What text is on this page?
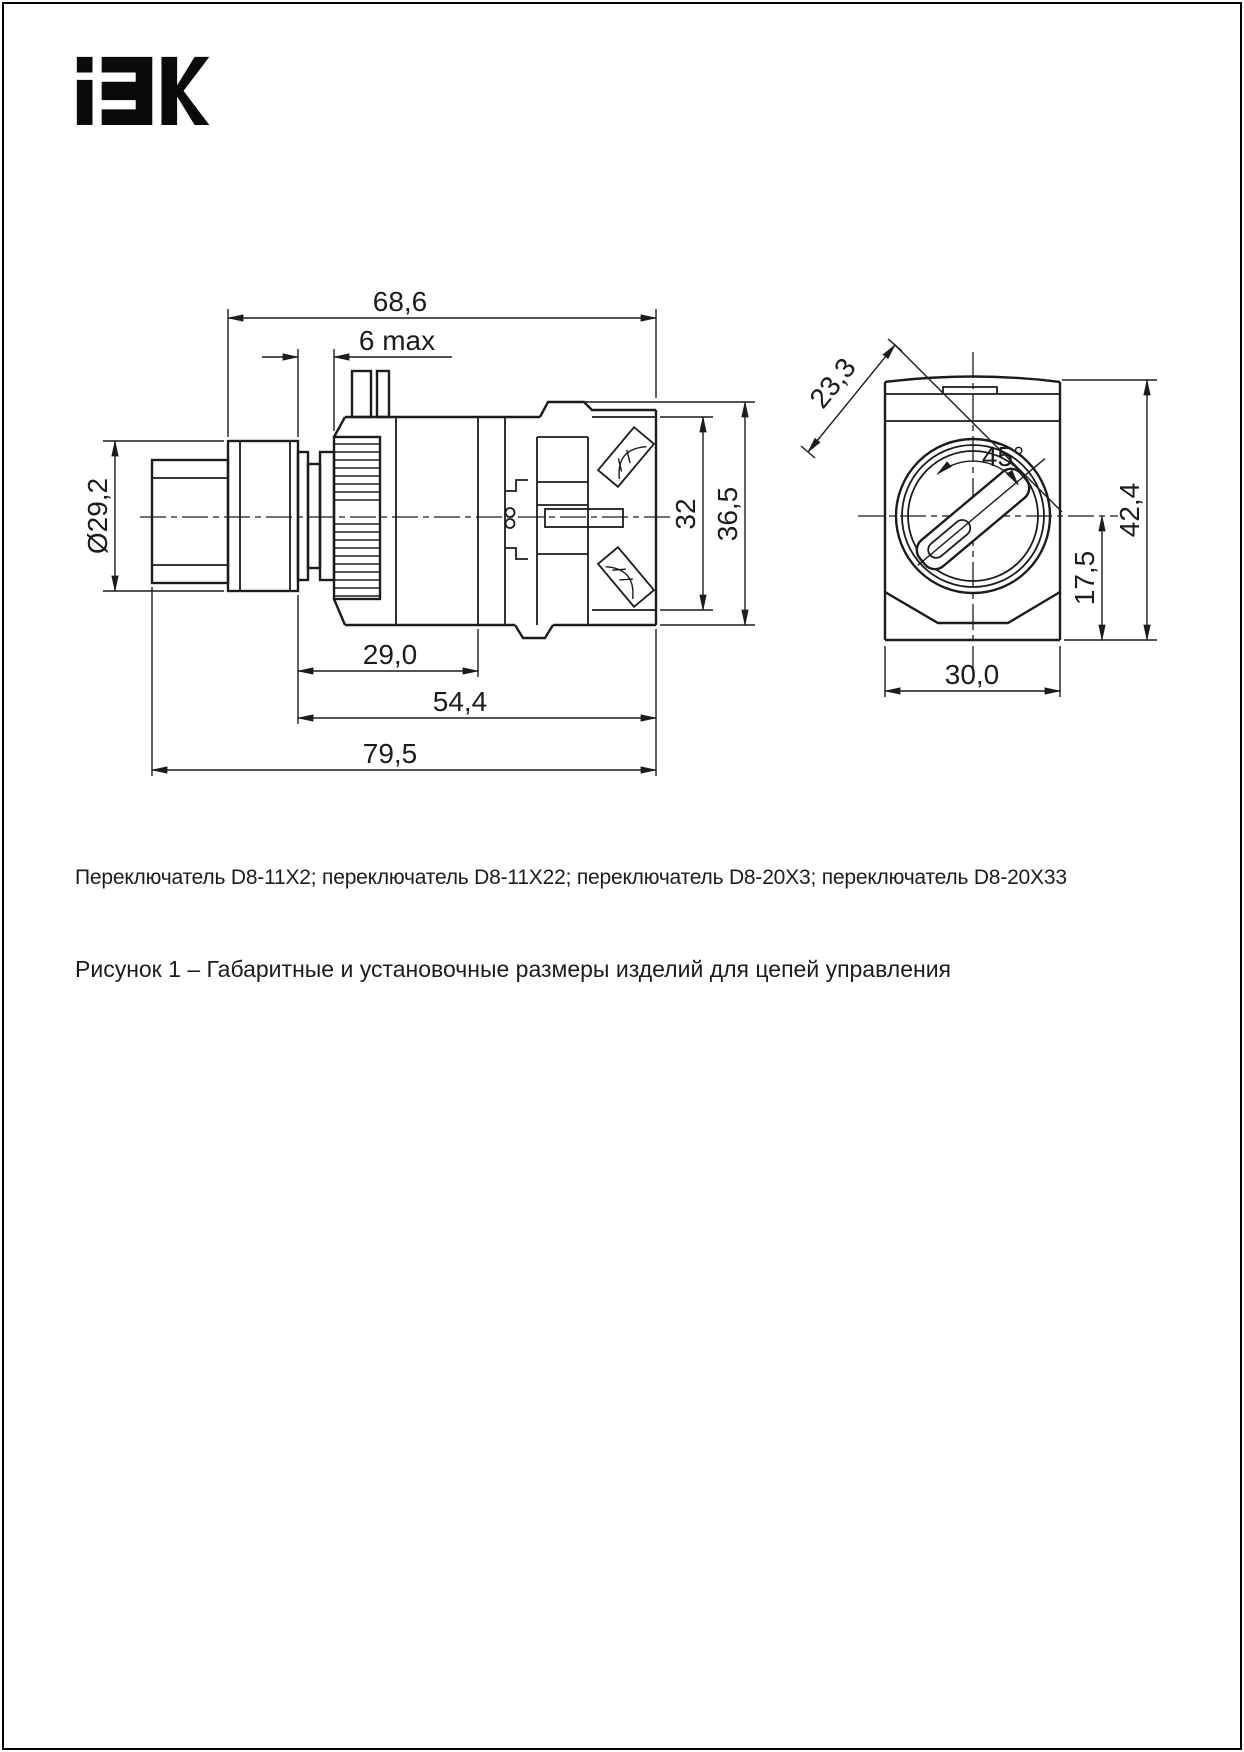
68,6
6 max
Ø29,2
29,0
54,4
79,5
32 36,5
45°
23,3
30,0
17,5
42,4
Переключатель D8-11X2; переключатель D8-11X22; переключатель D8-20X3; переключатель D8-20X33
Рисунок 1 – Габаритные и установочные размеры изделий для цепей управления
